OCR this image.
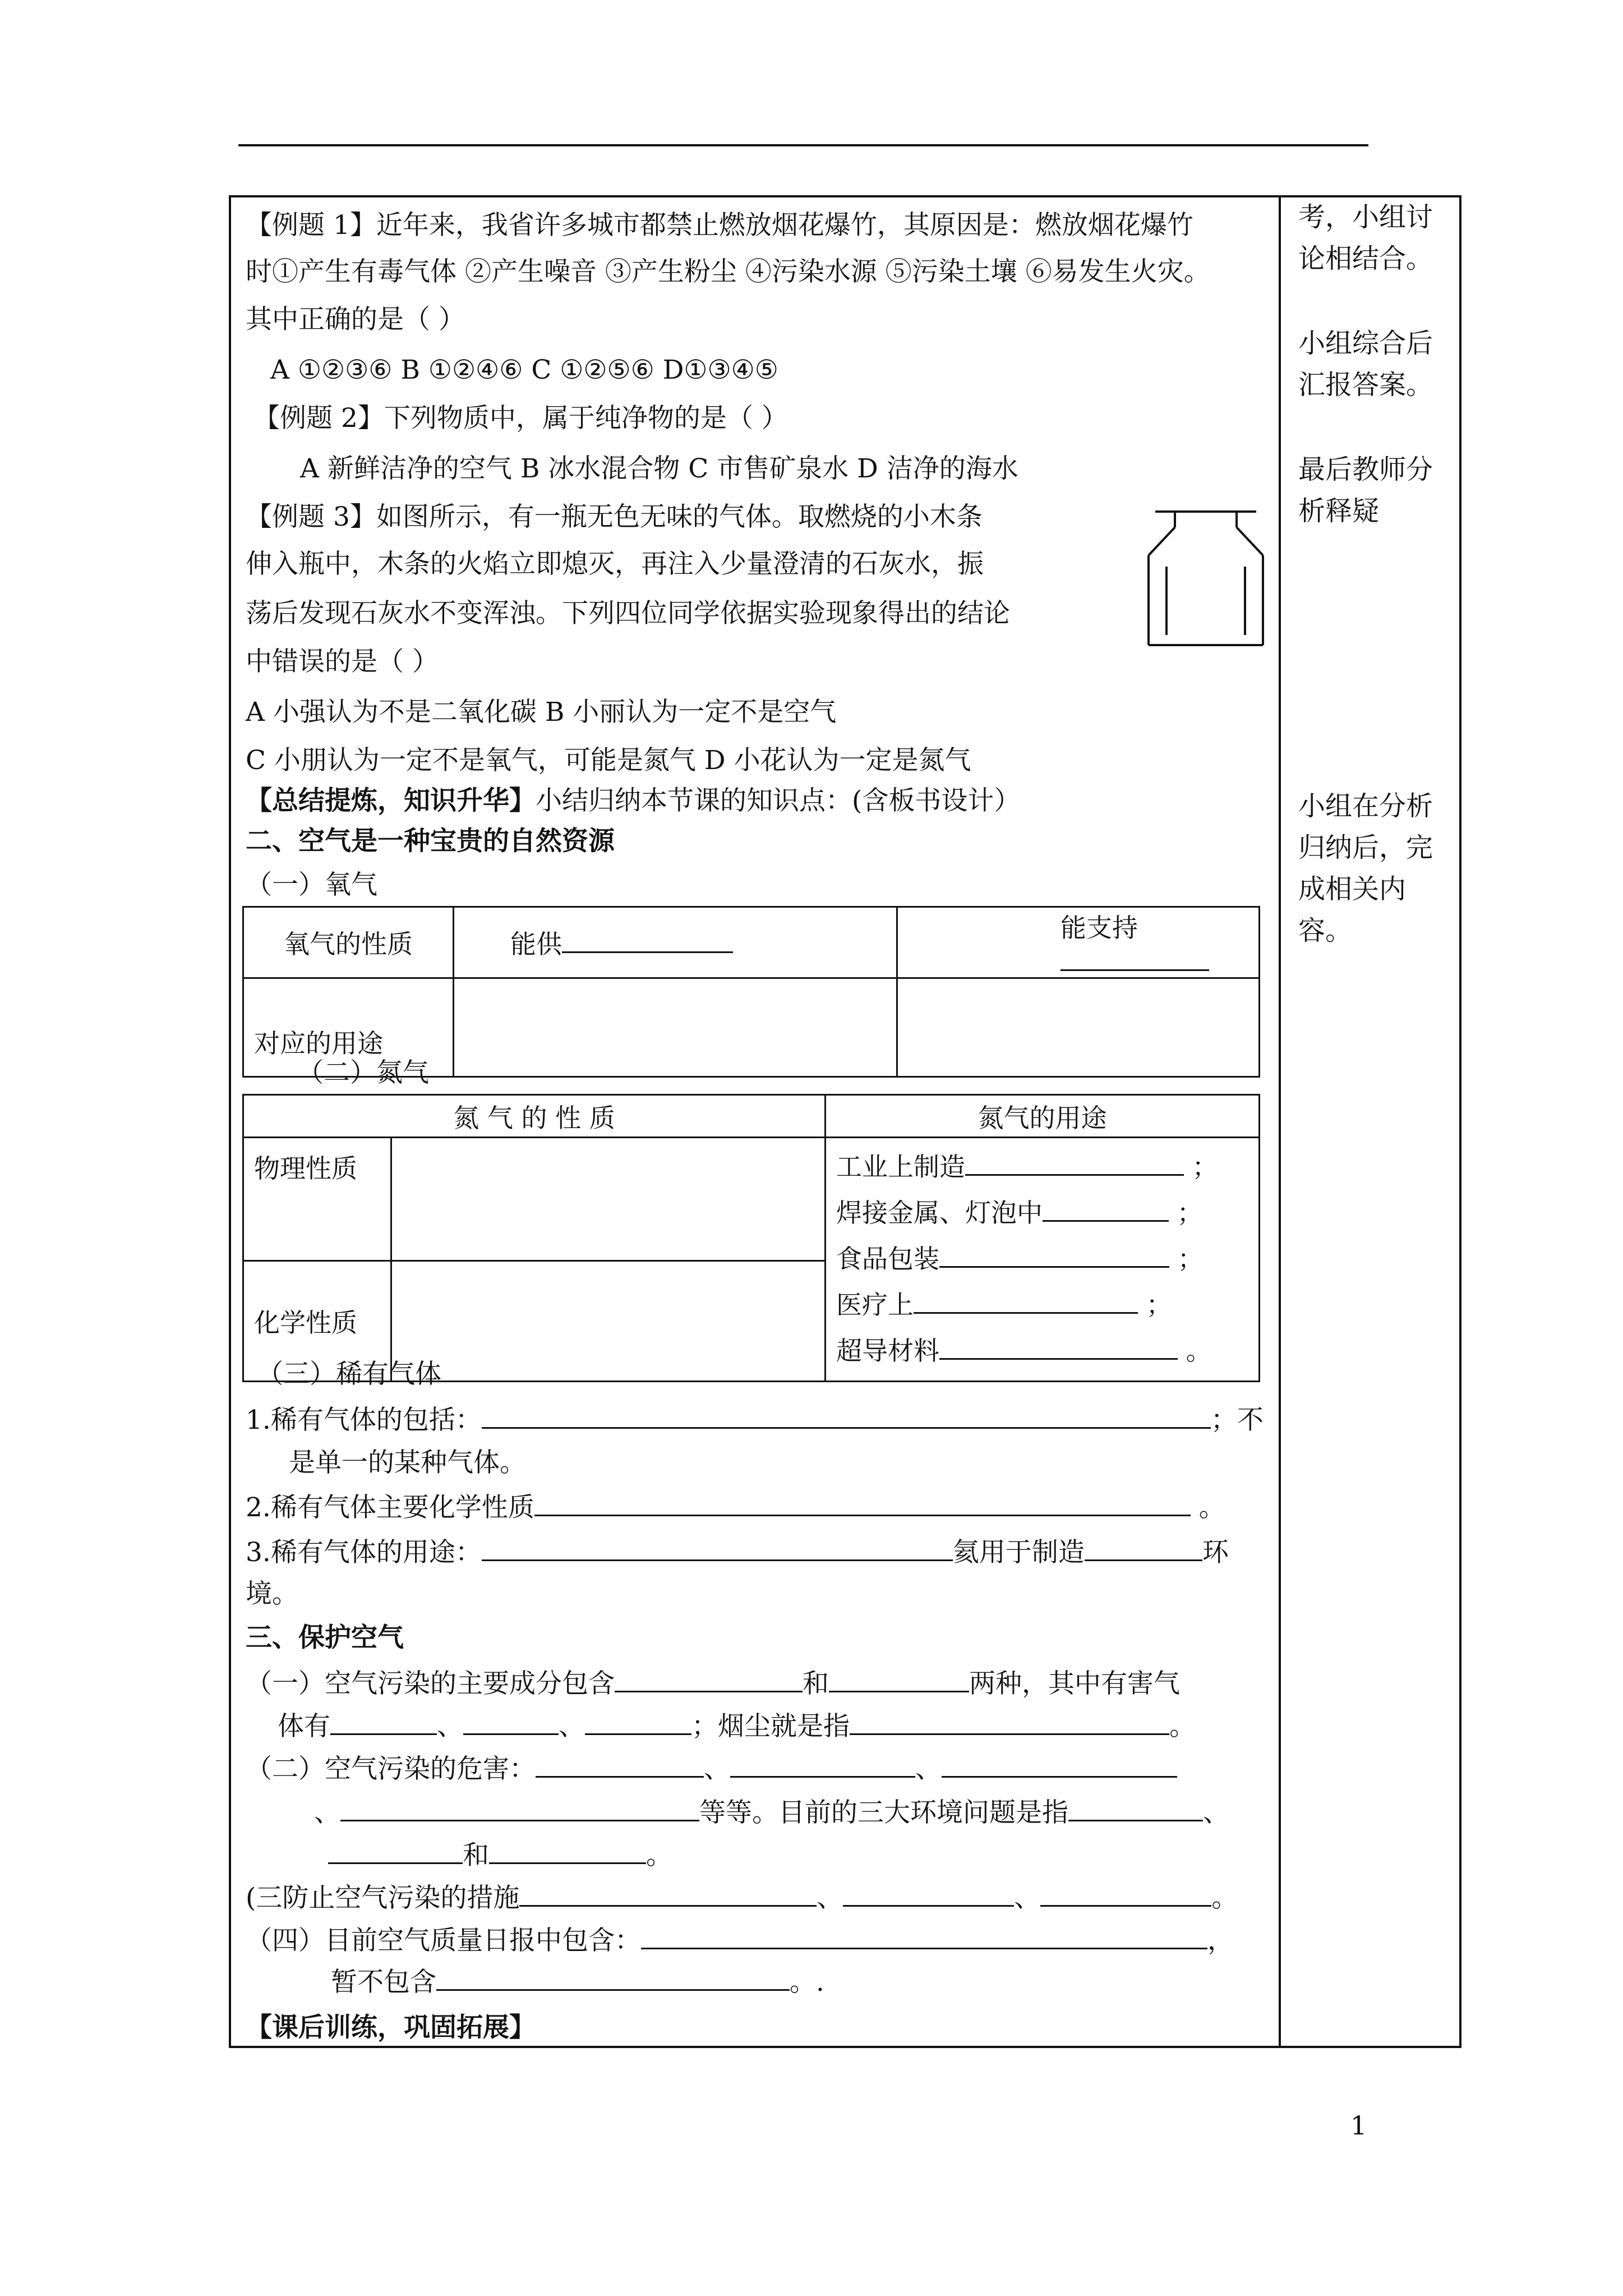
【例题 1】近年来，我省许多城市都禁止燃放烟花爆竹，其原因是：燃放烟花爆竹
时①产生有毒气体 ②产生噪音 ③产生粉尘 ④污染水源 ⑤污染土壤 ⑥易发生火灾。
其中正确的是（ ）
A ①②③⑥ B ①②④⑥ C ①②⑤⑥ D①③④⑤
【例题 2】下列物质中，属于纯净物的是（ ）
A 新鲜洁净的空气 B 冰水混合物 C 市售矿泉水 D 洁净的海水
【例题 3】如图所示，有一瓶无色无味的气体。取燃烧的小木条
伸入瓶中，木条的火焰立即熄灭，再注入少量澄清的石灰水，振
荡后发现石灰水不变浑浊。下列四位同学依据实验现象得出的结论
中错误的是（ ）
A 小强认为不是二氧化碳 B 小丽认为一定不是空气
C 小朋认为一定不是氧气，可能是氮气 D 小花认为一定是氮气
【总结提炼，知识升华】小结归纳本节课的知识点：(含板书设计）
二、空气是一种宝贵的自然资源
（一）氧气
氧气的性质	能供	能支持
对应的用途		
（二）氮气
氮 气 的 性 质		氮气的用途
物理性质		工业上制造 ；
焊接金属、灯泡中 ；
食品包装 ；
医疗上 ；
超导材料 。

化学性质		
（三）稀有气体
1.稀有气体的包括：	；不
是单一的某种气体。
2.稀有气体主要化学性质	。
3.稀有气体的用途：	氦用于制造	环
境。
三、保护空气
（一）空气污染的主要成分包含	和	两种，其中有害气
体有	、	、	；烟尘就是指	。
（二）空气污染的危害：	、	、
、	等等。目前的三大环境问题是指	、
和	。
(三防止空气污染的措施	、	、	。
（四）目前空气质量日报中包含：	，
暂不包含	。.
【课后训练，巩固拓展】
考，小组讨论相结合。
小组综合后汇报答案。
最后教师分析释疑
小组在分析归纳后，完成相关内容。
1
